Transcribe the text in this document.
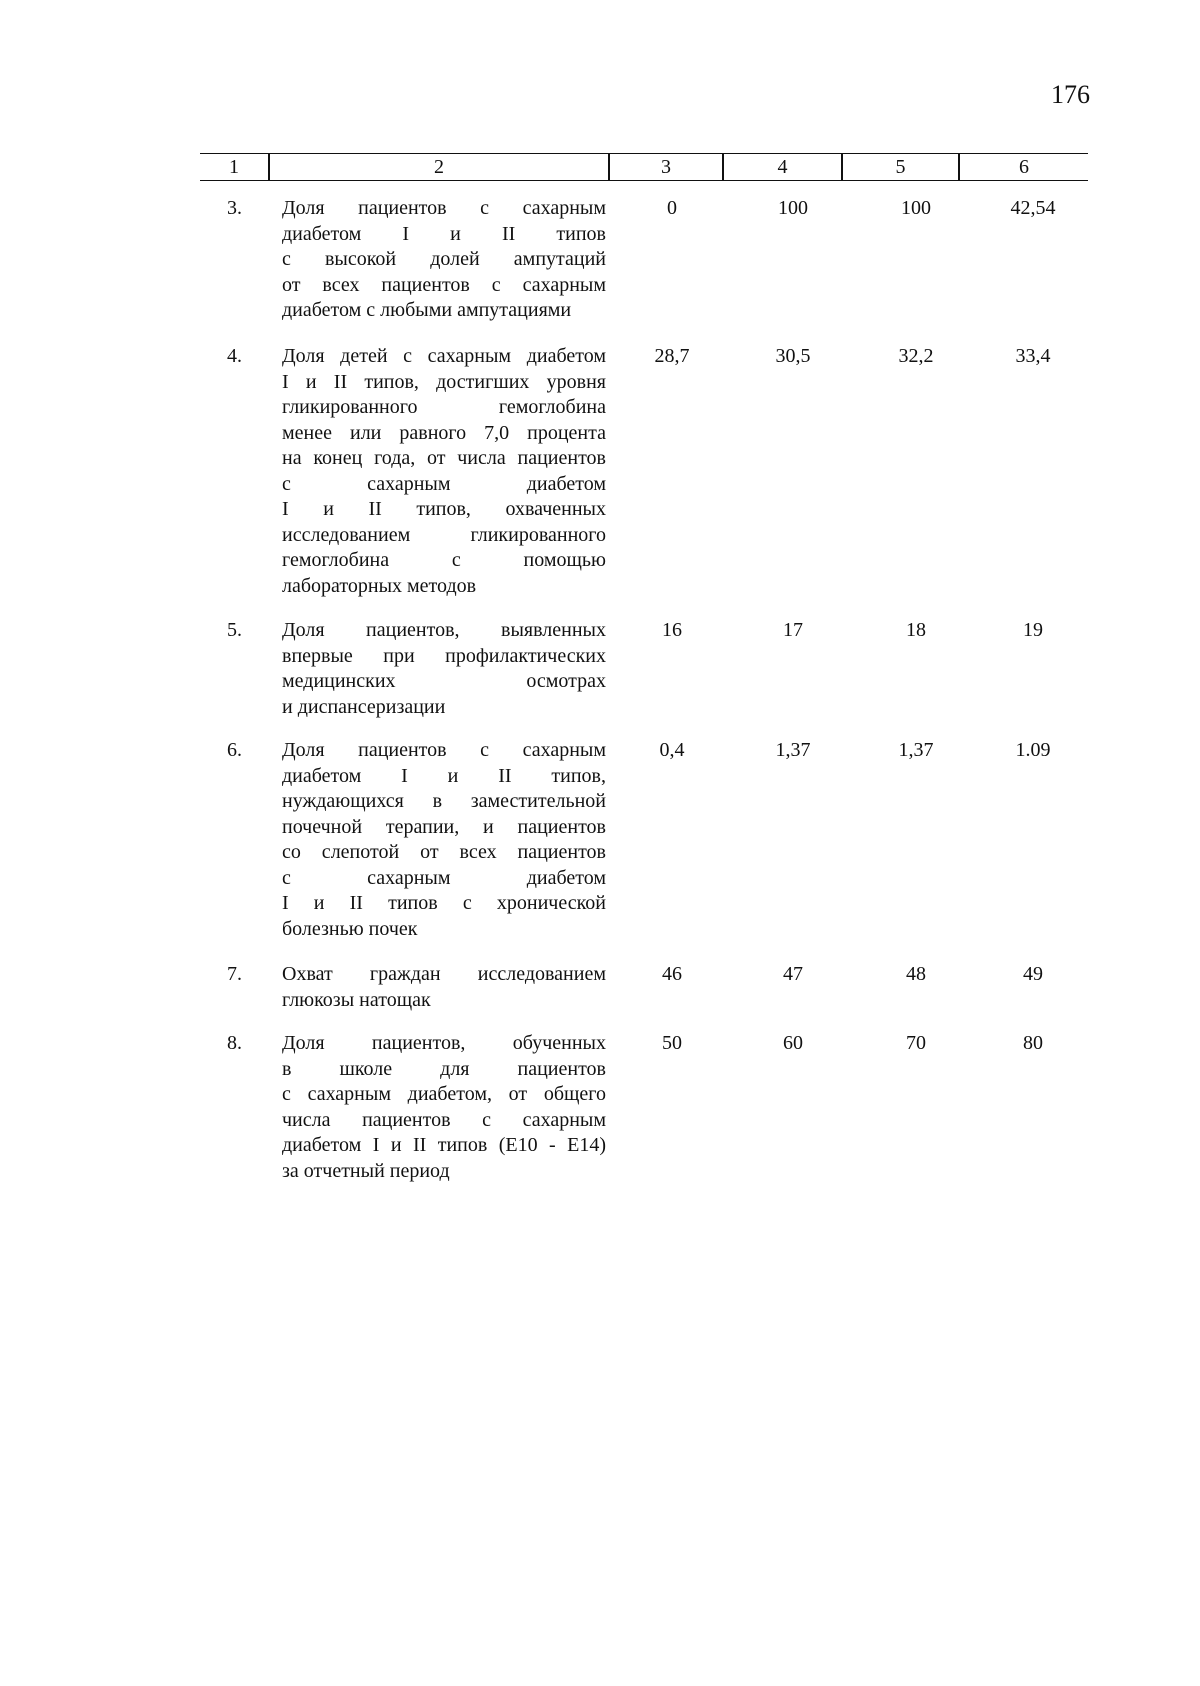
176
1	2	3	4	5	6
3. Доля пациентов с сахарным
диабетом I и II типов
с высокой долей ампутаций
от всех пациентов с сахарным
диабетом с любыми ампутациями
0	100	100	42,54
4. Доля детей с сахарным диабетом
I и II типов, достигших уровня
гликированного гемоглобина
менее или равного 7,0 процента
на конец года, от числа пациентов
с сахарным диабетом
I и II типов, охваченных
исследованием гликированного
гемоглобина с помощью
лабораторных методов
28,7	30,5	32,2	33,4
5. Доля пациентов, выявленных
впервые при профилактических
медицинских осмотрах
и диспансеризации
16	17	18	19
6. Доля пациентов с сахарным
диабетом I и II типов,
нуждающихся в заместительной
почечной терапии, и пациентов
со слепотой от всех пациентов
с сахарным диабетом
I и II типов с хронической
болезнью почек
0,4	1,37	1,37	1.09
7. Охват граждан исследованием
глюкозы натощак
46	47	48	49
8. Доля пациентов, обученных
в школе для пациентов
с сахарным диабетом, от общего
числа пациентов с сахарным
диабетом I и II типов (E10 - E14)
за отчетный период
50	60	70	80
